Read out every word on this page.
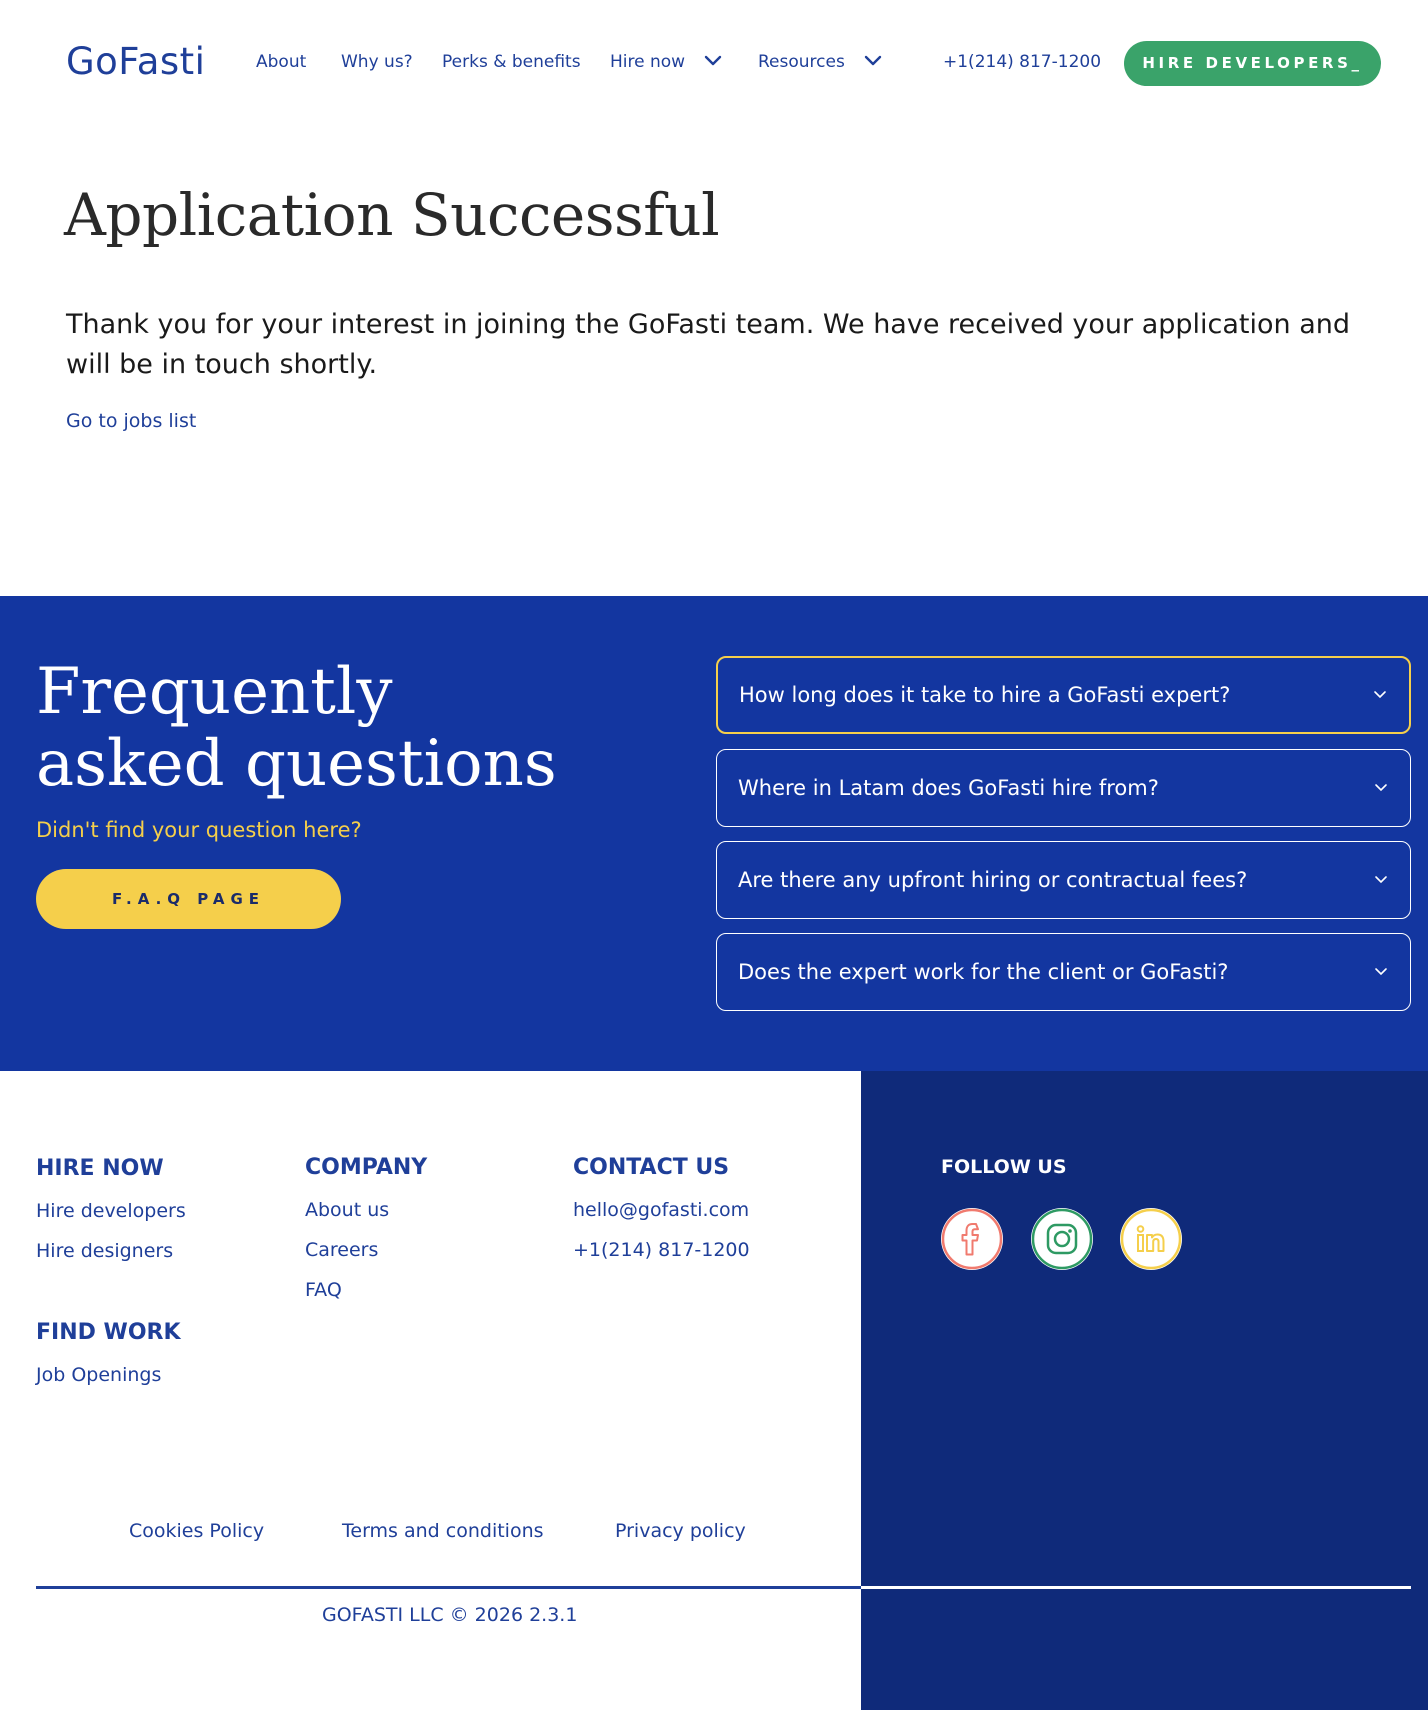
GoFasti	About Why us? Perks & benefits Hire now	Resources	+1(214) 817-1200	HIRE DEVELOPERS_
Application Successful

Thank you for your interest in joining the GoFasti team. We have received your application and will be in touch shortly.

Go to jobs list
Frequently asked questions

Didn't find your question here?

F.A.Q PAGE
How long does it take to hire a GoFasti expert?
Where in Latam does GoFasti hire from?
Are there any upfront hiring or contractual fees?
Does the expert work for the client or GoFasti?
HIRE NOW
Hire developers
Hire designers
FIND WORK
Job Openings
COMPANY
About us
Careers
FAQ
CONTACT US
hello@gofasti.com
+1(214) 817-1200
FOLLOW US
Cookies Policy	Terms and conditions	Privacy policy
GOFASTI LLC © 2026 2.3.1
